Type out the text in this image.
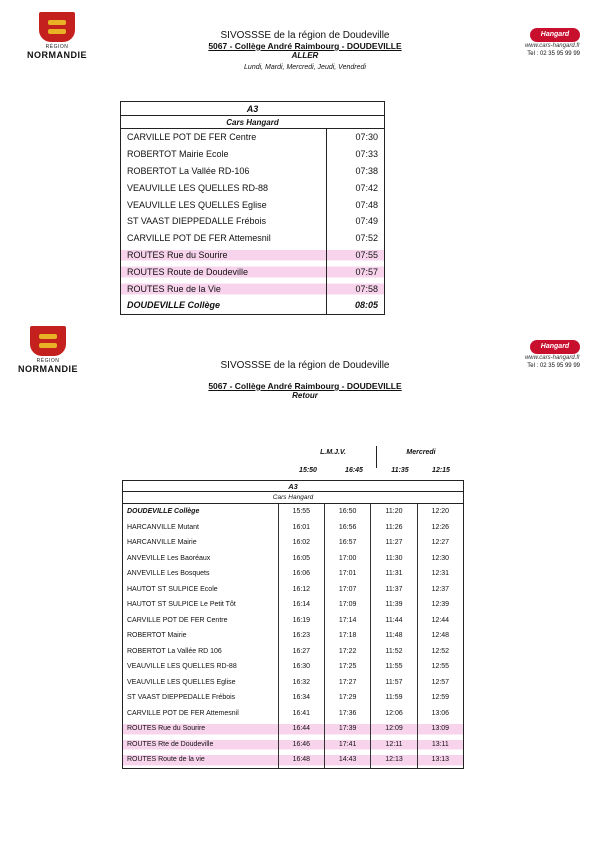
RÉGION
NORMANDIE
SIVOSSSE de la région de Doudeville
5067 - Collège André Raimbourg - DOUDEVILLE
ALLER
Lundi, Mardi, Mercredi, Jeudi, Vendredi
Hangard
www.cars-hangard.fr
Tel : 02 35 95 99 99
A3	
Cars Hangard	
CARVILLE POT DE FER Centre	07:30
ROBERTOT Mairie Ecole	07:33
ROBERTOT La Vallée RD-106	07:38
VEAUVILLE LES QUELLES RD-88	07:42
VEAUVILLE LES QUELLES Eglise	07:48
ST VAAST DIEPPEDALLE Frébois	07:49
CARVILLE POT DE FER Attemesnil	07:52
ROUTES Rue du Sourire	07:55
ROUTES Route de Doudeville	07:57
ROUTES Rue de la Vie	07:58
DOUDEVILLE Collège	08:05
RÉGION
NORMANDIE	SIVOSSSE de la région de Doudeville
5067 - Collège André Raimbourg - DOUDEVILLE
Retour
Hangard
www.cars-hangard.fr
Tel : 02 35 95 99 99
L.M.J.V.	Mercredi
15:50	16:45	11:35	12:15
A3				
Cars Hangard				
DOUDEVILLE Collège	15:55	16:50	11:20	12:20
HARCANVILLE Mutant	16:01	16:56	11:26	12:26
HARCANVILLE Mairie	16:02	16:57	11:27	12:27
ANVEVILLE Les Baoréaux	16:05	17:00	11:30	12:30
ANVEVILLE Les Bosquets	16:06	17:01	11:31	12:31
HAUTOT ST SULPICE Ecole	16:12	17:07	11:37	12:37
HAUTOT ST SULPICE Le Petit Tôt	16:14	17:09	11:39	12:39
CARVILLE POT DE FER Centre	16:19	17:14	11:44	12:44
ROBERTOT Mairie	16:23	17:18	11:48	12:48
ROBERTOT La Vallée RD 106	16:27	17:22	11:52	12:52
VEAUVILLE LES QUELLES RD-88	16:30	17:25	11:55	12:55
VEAUVILLE LES QUELLES Eglise	16:32	17:27	11:57	12:57
ST VAAST DIEPPEDALLE Frébois	16:34	17:29	11:59	12:59
CARVILLE POT DE FER Attemesnil	16:41	17:36	12:06	13:06
ROUTES Rue du Sourire	16:44	17:39	12:09	13:09
ROUTES Rte de Doudeville	16:46	17:41	12:11	13:11
ROUTES Route de la vie	16:48	14:43	12:13	13:13
